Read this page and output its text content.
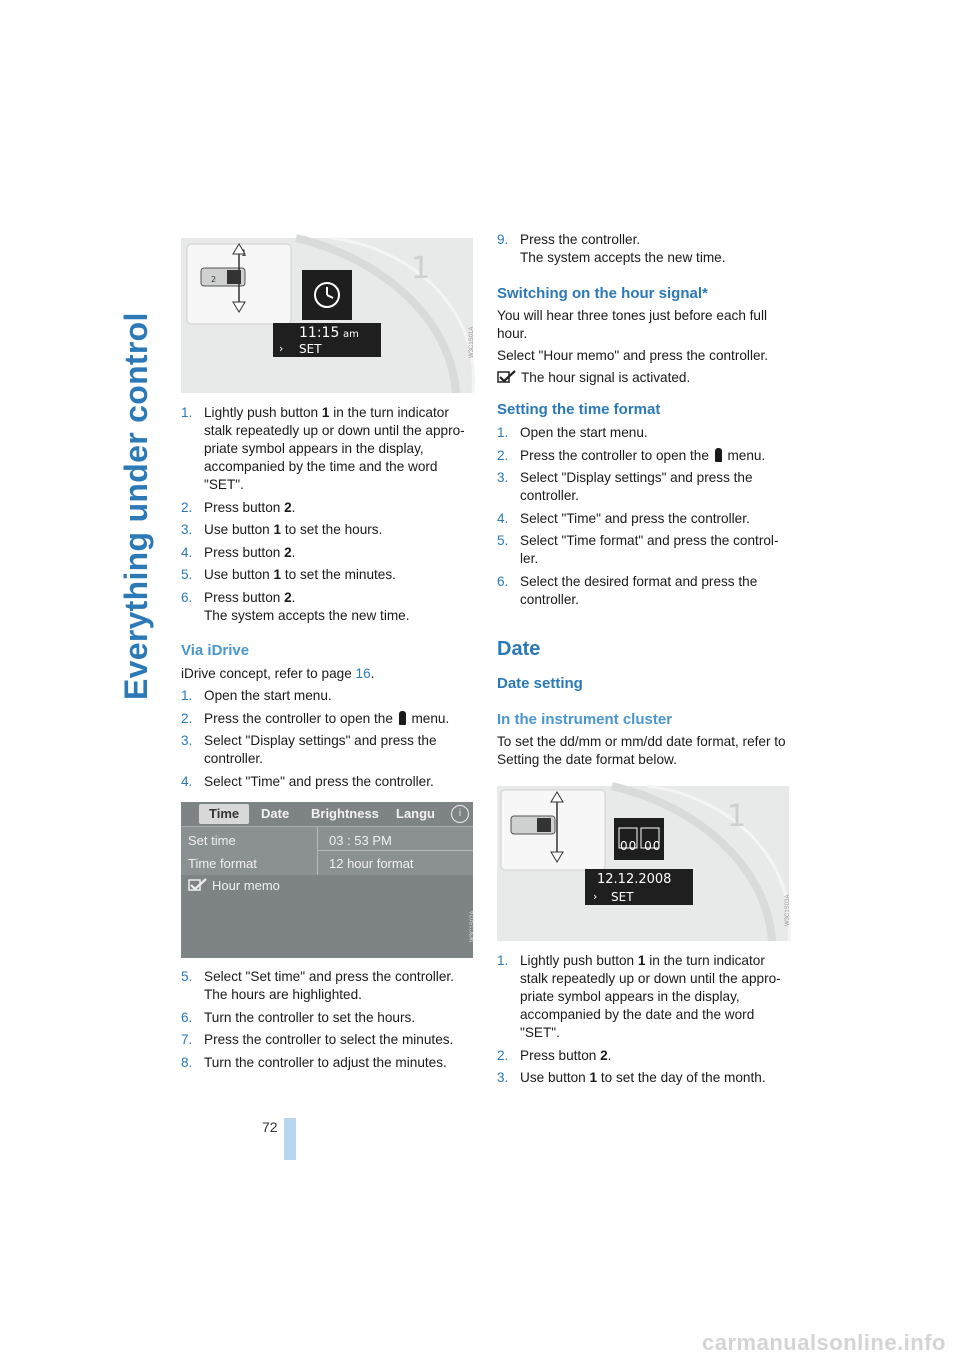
Everything under control
1
1
2
11:15 am
› SET	W3C1S01A
1. Lightly push button 1 in the turn indicator stalk repeatedly up or down until the appro-priate symbol appears in the display, accompanied by the time and the word "SET".
2. Press button 2.
3. Use button 1 to set the hours.
4. Press button 2.
5. Use button 1 to set the minutes.
6. Press button 2.
The system accepts the new time.
Via iDrive

iDrive concept, refer to page 16.

1. Open the start menu.
2. Press the controller to open the  menu.
3. Select "Display settings" and press the controller.
4. Select "Time" and press the controller.
Time	Date Brightness Langu	i
Set time	03 : 53 PM
Time format	12 hour format
Hour memo
W3C1S02A
5. Select "Set time" and press the controller.
The hours are highlighted.
6. Turn the controller to set the hours.
7. Press the controller to select the minutes.
8. Turn the controller to adjust the minutes.
9. Press the controller.
The system accepts the new time.
Switching on the hour signal*

You will hear three tones just before each full hour.

Select "Hour memo" and press the controller.

The hour signal is activated.

Setting the time format
1. Open the start menu.
2. Press the controller to open the  menu.
3. Select "Display settings" and press the controller.
4. Select "Time" and press the controller.
5. Select "Time format" and press the control-ler.
6. Select the desired format and press the controller.
Date
Date setting
In the instrument cluster

To set the dd/mm or mm/dd date format, refer to Setting the date format below.

1
00 00
12.12.2008
› SET	W3C1S03A
1. Lightly push button 1 in the turn indicator stalk repeatedly up or down until the appro-priate symbol appears in the display, accompanied by the date and the word "SET".
2. Press button 2.
3. Use button 1 to set the day of the month.
72
carmanualsonline.info
